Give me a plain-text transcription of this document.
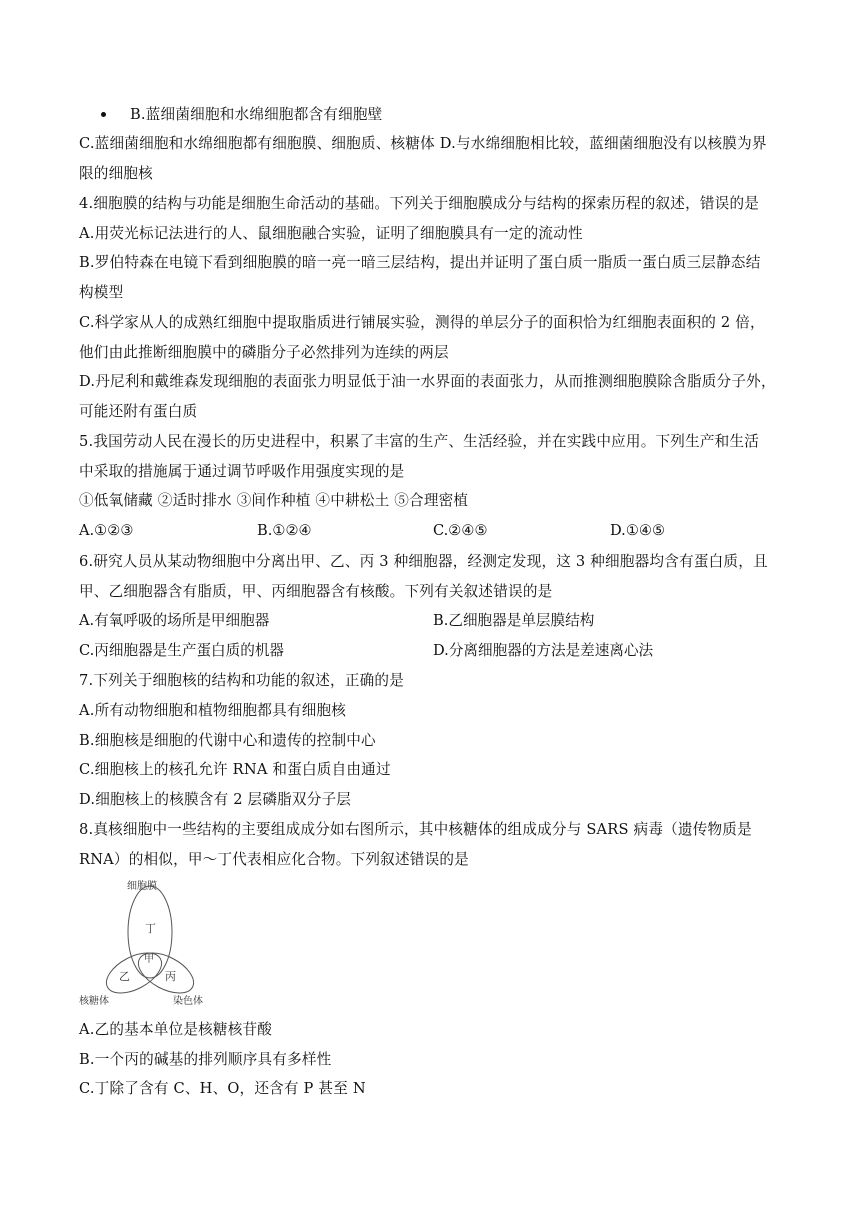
B.蓝细菌细胞和水绵细胞都含有细胞壁
C.蓝细菌细胞和水绵细胞都有细胞膜、细胞质、核糖体 D.与水绵细胞相比较，蓝细菌细胞没有以核膜为界
限的细胞核
4.细胞膜的结构与功能是细胞生命活动的基础。下列关于细胞膜成分与结构的探索历程的叙述，错误的是
A.用荧光标记法进行的人、鼠细胞融合实验，证明了细胞膜具有一定的流动性
B.罗伯特森在电镜下看到细胞膜的暗一亮一暗三层结构，提出并证明了蛋白质一脂质一蛋白质三层静态结
构模型
C.科学家从人的成熟红细胞中提取脂质进行铺展实验，测得的单层分子的面积恰为红细胞表面积的 2 倍，
他们由此推断细胞膜中的磷脂分子必然排列为连续的两层
D.丹尼利和戴维森发现细胞的表面张力明显低于油一水界面的表面张力，从而推测细胞膜除含脂质分子外，
可能还附有蛋白质
5.我国劳动人民在漫长的历史进程中，积累了丰富的生产、生活经验，并在实践中应用。下列生产和生活
中采取的措施属于通过调节呼吸作用强度实现的是
①低氧储藏 ②适时排水 ③间作种植 ④中耕松土 ⑤合理密植
A.①②③	B.①②④	C.②④⑤	D.①④⑤
6.研究人员从某动物细胞中分离出甲、乙、丙 3 种细胞器，经测定发现，这 3 种细胞器均含有蛋白质，且
甲、乙细胞器含有脂质，甲、丙细胞器含有核酸。下列有关叙述错误的是
A.有氧呼吸的场所是甲细胞器	B.乙细胞器是单层膜结构
C.丙细胞器是生产蛋白质的机器	D.分离细胞器的方法是差速离心法
7.下列关于细胞核的结构和功能的叙述，正确的是
A.所有动物细胞和植物细胞都具有细胞核
B.细胞核是细胞的代谢中心和遗传的控制中心
C.细胞核上的核孔允许 RNA 和蛋白质自由通过
D.细胞核上的核膜含有 2 层磷脂双分子层
8.真核细胞中一些结构的主要组成成分如右图所示，其中核糖体的组成成分与 SARS 病毒（遗传物质是
RNA）的相似，甲～丁代表相应化合物。下列叙述错误的是
细胞膜
丁
甲
乙	丙
核糖体	染色体
A.乙的基本单位是核糖核苷酸
B.一个丙的碱基的排列顺序具有多样性
C.丁除了含有 C、H、O，还含有 P 甚至 N
